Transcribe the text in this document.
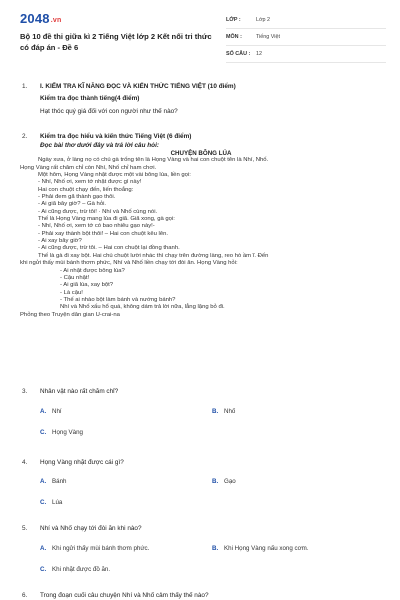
2048.vn
Bộ 10 đề thi giữa kì 2 Tiếng Việt lớp 2 Kết nối tri thức có đáp án - Đề 6
LỚP :	Lớp 2
MÔN :	Tiếng Việt
SỐ CÂU :	12
1. I. KIỂM TRA KĨ NĂNG ĐỌC VÀ KIẾN THỨC TIẾNG VIỆT (10 điểm)
Kiểm tra đọc thành tiếng(4 điểm)
Hạt thóc quý giá đối với con người như thế nào?
2. Kiểm tra đọc hiểu và kiến thức Tiếng Việt (6 điểm)
Đọc bài thơ dưới đây và trả lời câu hỏi:
CHUYỆN BÔNG LÚA
Ngày xưa, ở làng nọ có chú gà trống tên là Họng Vàng và hai con chuột tên là Nhí, Nhố.
Họng Vàng rất chăm chỉ còn Nhí, Nhố chỉ ham chơi.
Một hôm, Họng Vàng nhặt được một vài bông lúa, liền gọi:
- Nhí, Nhố ơi, xem tớ nhặt được gì này!
Hai con chuột chạy đến, liến thoắng:
- Phải đem gã thành gạo thôi.
- Ai giã bây giờ? – Gà hỏi.
- Ai cũng được, trừ tôi! · Nhí và Nhố cùng nói.
Thế là Họng Vàng mang lúa đi giã. Giã xong, gà gọi:
- Nhí, Nhố ơi, xem tớ có bao nhiêu gạo này!-
- Phải xay thành bột thôi! – Hai con chuột kêu lên.
- Ai xay bây giờ?
- Ai cũng được, trừ tôi. – Hai con chuột lại đồng thanh.
Thế là gà đi xay bột. Hai chú chuột lười nhác thì chạy trên đường làng, reo hò ầm ĩ. Đến
khi ngửi thấy mùi bánh thơm phức, Nhí và Nhố liền chạy tới đòi ăn. Họng Vàng hỏi:
- Ai nhặt được bông lúa?
- Cậu nhặt!
- Ai giã lúa, xay bột?
- Là cậu!
- Thế ai nhào bột làm bánh và nướng bánh?
Nhí và Nhố xấu hổ quá, không dám trả lời nữa, lẳng lặng bỏ đi.
Phỏng theo Truyện dân gian U-crai-na
3. Nhân vật nào rất chăm chỉ?
A. Nhí	B. Nhố
C. Họng Vàng
4. Họng Vàng nhặt được cái gì?
A. Bánh	B. Gạo
C. Lúa
5. Nhí và Nhố chạy tới đòi ăn khi nào?
A. Khi ngửi thấy mùi bánh thơm phức.	B. Khi Họng Vàng nấu xong cơm.
C. Khi nhặt được đồ ăn.
6. Trong đoạn cuối câu chuyện Nhí và Nhố cảm thấy thế nào?
